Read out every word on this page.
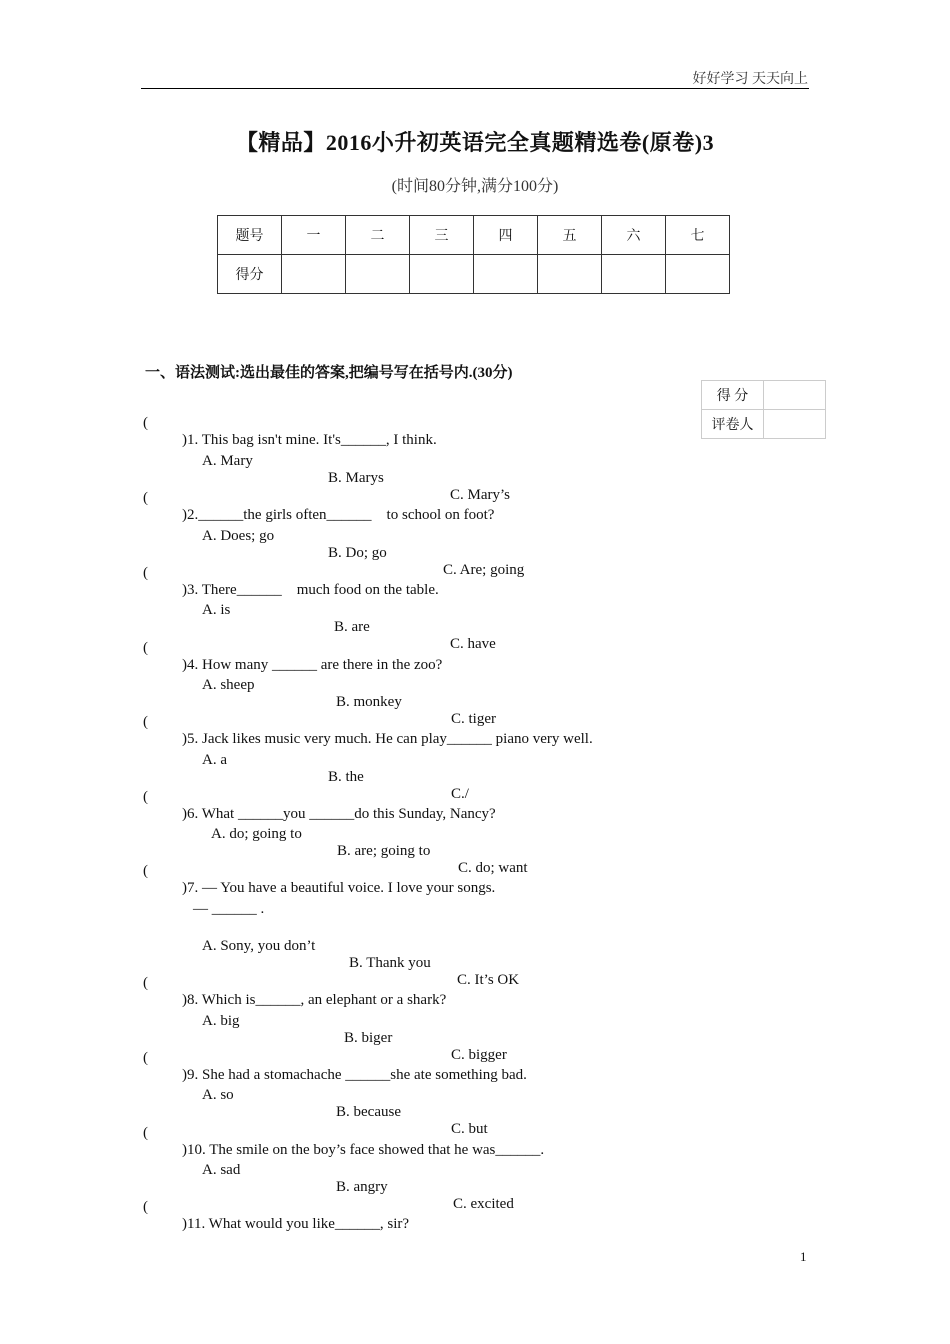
好好学习 天天向上
【精品】2016小升初英语完全真题精选卷(原卷)3
(时间80分钟,满分100分)
题号	一	二	三	四	五	六	七
得分							
一、语法测试:选出最佳的答案,把编号写在括号内.(30分)
得 分	
评卷人	

(

)1. This bag isn't mine. It's______, I think.

A. Mary

B. Marys

C. Mary’s

(

)2.______the girls often______    to school on foot?

A. Does; go

B. Do; go

C. Are; going

(

)3. There______    much food on the table.

A. is

B. are

C. have

(

)4. How many ______ are there in the zoo?

A. sheep

B. monkey

C. tiger

(

)5. Jack likes music very much. He can play______ piano very well.

A. a

B. the

C./

(

)6. What ______you ______do this Sunday, Nancy?

A. do; going to

B. are; going to

C. do; want

(

)7. — You have a beautiful voice. I love your songs.

— ______ .

A. Sony, you don’t

B. Thank you

C. It’s OK

(

)8. Which is______, an elephant or a shark?

A. big

B. biger

C. bigger

(

)9. She had a stomachache ______she ate something bad.

A. so

B. because

C. but

(

)10. The smile on the boy’s face showed that he was______.

A. sad

B. angry

C. excited

(

)11. What would you like______, sir?

1
